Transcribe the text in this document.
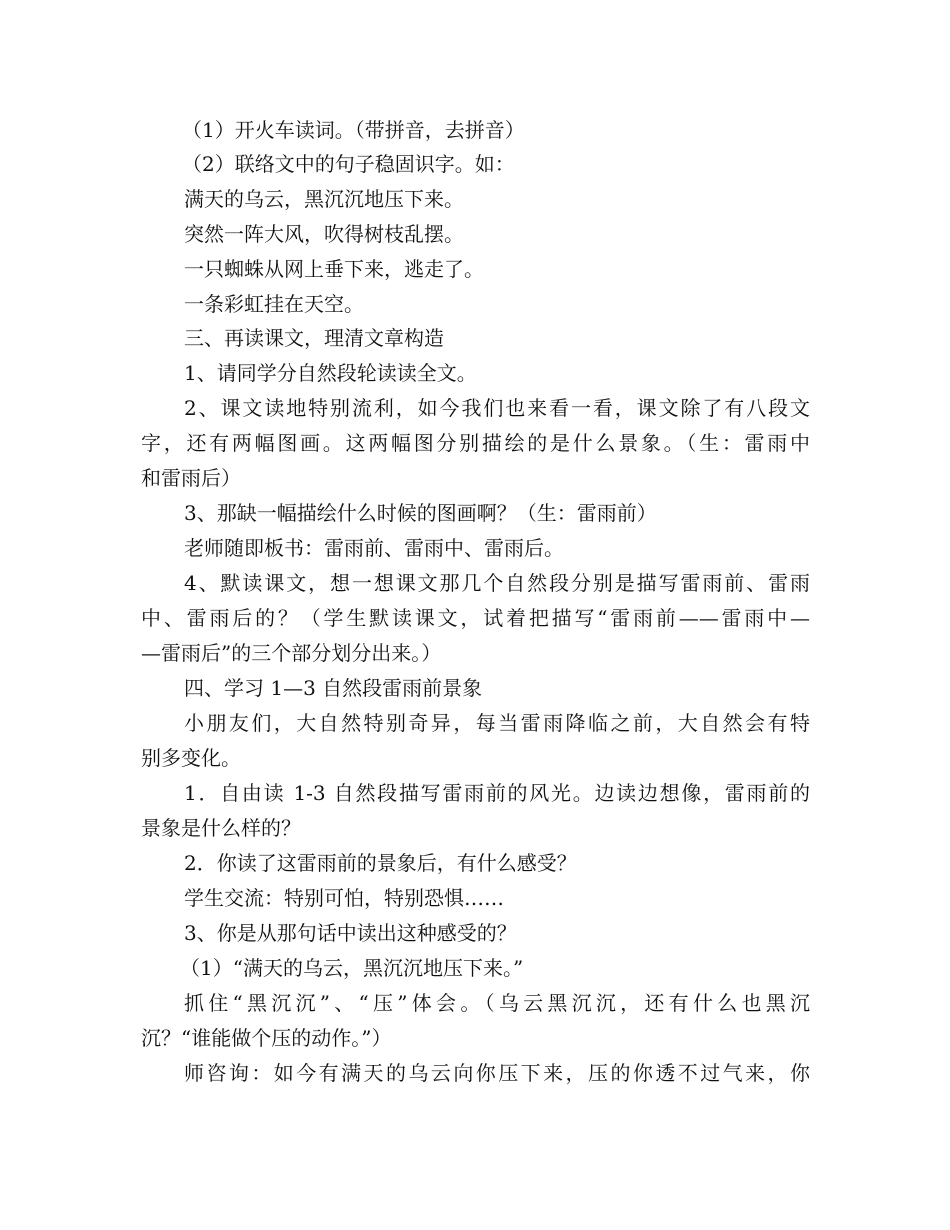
（1）开火车读词。（带拼音，去拼音）
（2）联络文中的句子稳固识字。如：
满天的乌云，黑沉沉地压下来。
突然一阵大风，吹得树枝乱摆。
一只蜘蛛从网上垂下来，逃走了。
一条彩虹挂在天空。
三、再读课文，理清文章构造
1、请同学分自然段轮读读全文。
2、课文读地特别流利，如今我们也来看一看，课文除了有八段文
字，还有两幅图画。这两幅图分别描绘的是什么景象。（生：雷雨中
和雷雨后）
3、那缺一幅描绘什么时候的图画啊？（生：雷雨前）
老师随即板书：雷雨前、雷雨中、雷雨后。
4、默读课文，想一想课文那几个自然段分别是描写雷雨前、雷雨
中、雷雨后的？（学生默读课文，试着把描写“雷雨前——雷雨中—
—雷雨后”的三个部分划分出来。）
四、学习 1—3 自然段雷雨前景象
小朋友们，大自然特别奇异，每当雷雨降临之前，大自然会有特
别多变化。
1．自由读 1-3 自然段描写雷雨前的风光。边读边想像，雷雨前的
景象是什么样的？
2．你读了这雷雨前的景象后，有什么感受？
学生交流：特别可怕，特别恐惧……
3、你是从那句话中读出这种感受的？
（1）“满天的乌云，黑沉沉地压下来。”
抓住“黑沉沉”、“压”体会。（乌云黑沉沉，还有什么也黑沉
沉？“谁能做个压的动作。”）
师咨询：如今有满天的乌云向你压下来，压的你透不过气来，你
